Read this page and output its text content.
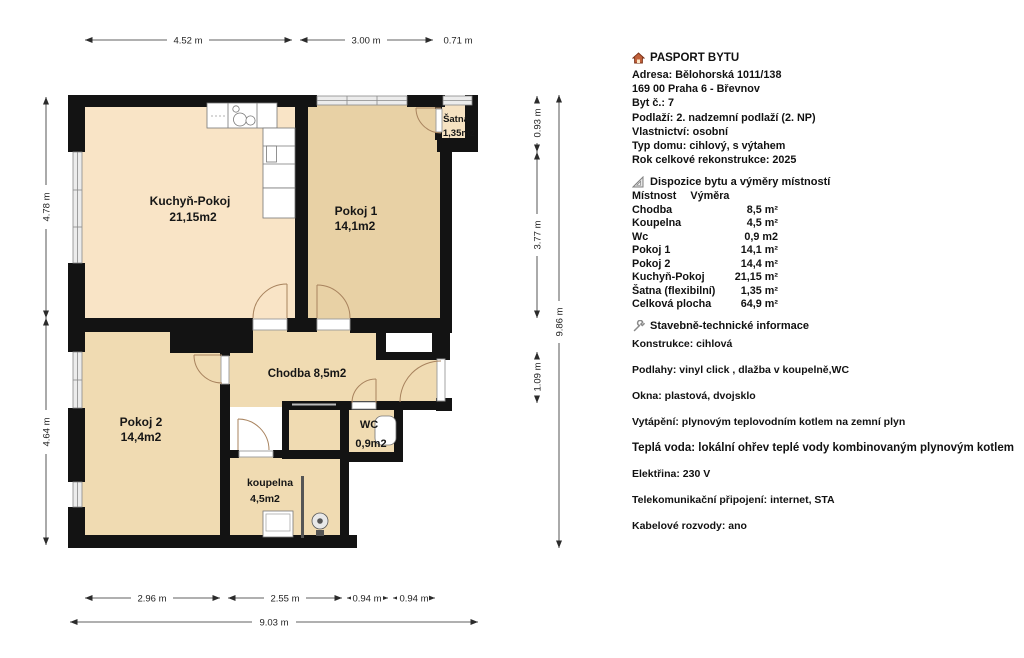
Kuchyň-Pokoj
21,15m2	Pokoj 1
14,1m2
Šatna
1,35m2
Chodba 8,5m2
Pokoj 2
14,4m2
WC
0,9m2
koupelna
4,5m2
4.52 m	3.00 m	0.71 m
4.78 m
4.64 m
0.93 m
3.77 m
1.09 m
9.86 m
2.96 m	2.55 m	0.94 m 0.94 m
9.03 m
PASPORT BYTU
Adresa: Bělohorská 1011/138
169 00 Praha 6 - Břevnov
Byt č.: 7
Podlaží: 2. nadzemní podlaží (2. NP)
Vlastnictví: osobní
Typ domu: cihlový, s výtahem
Rok celkové rekonstrukce: 2025
Dispozice bytu a výměry místností
Místnost Výměra
Chodba	8,5 m²
Koupelna	4,5 m²
Wc	0,9 m2
Pokoj 1	14,1 m²
Pokoj 2	14,4 m²
Kuchyň-Pokoj	21,15 m²
Šatna (flexibilní)	1,35 m²
Celková plocha	64,9 m²
Stavebně-technické informace
Konstrukce: cihlová
Podlahy: vinyl click , dlažba v koupelně,WC
Okna: plastová, dvojsklo
Vytápění: plynovým teplovodním kotlem na zemní plyn
Teplá voda: lokální ohřev teplé vody kombinovaným plynovým kotlem
Elektřina: 230 V
Telekomunikační připojení: internet, STA
Kabelové rozvody: ano
